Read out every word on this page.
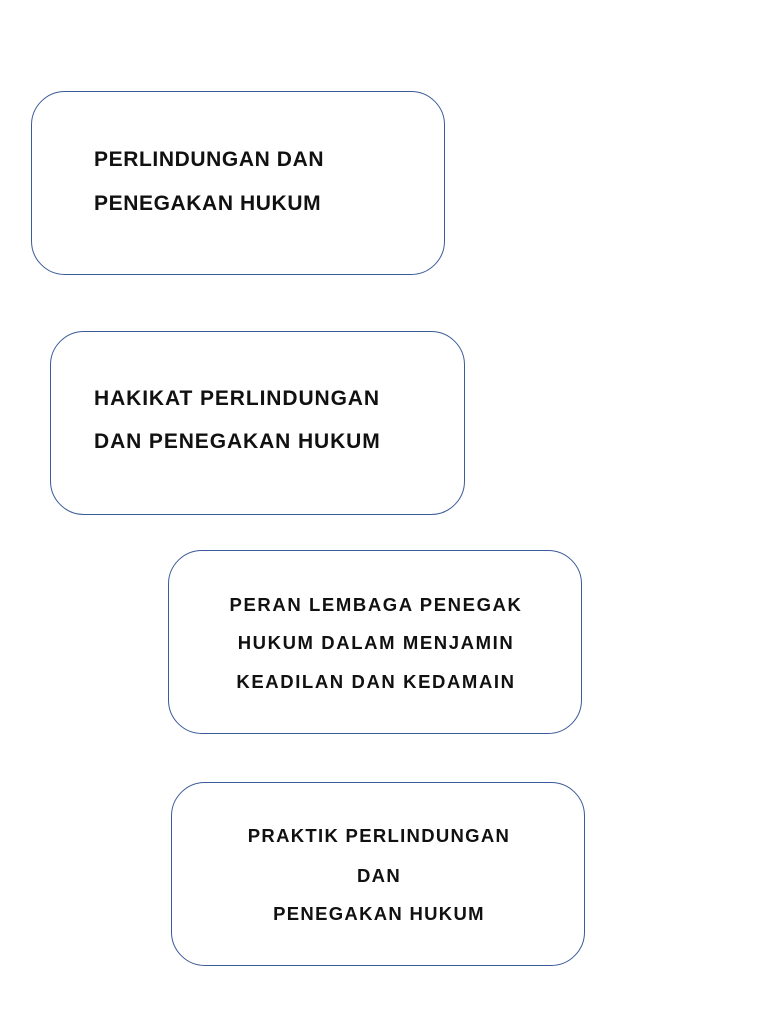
PERLINDUNGAN DAN
PENEGAKAN HUKUM
HAKIKAT PERLINDUNGAN
DAN PENEGAKAN HUKUM
PERAN LEMBAGA PENEGAK
HUKUM DALAM MENJAMIN
KEADILAN DAN KEDAMAIN
PRAKTIK PERLINDUNGAN
DAN
PENEGAKAN HUKUM
